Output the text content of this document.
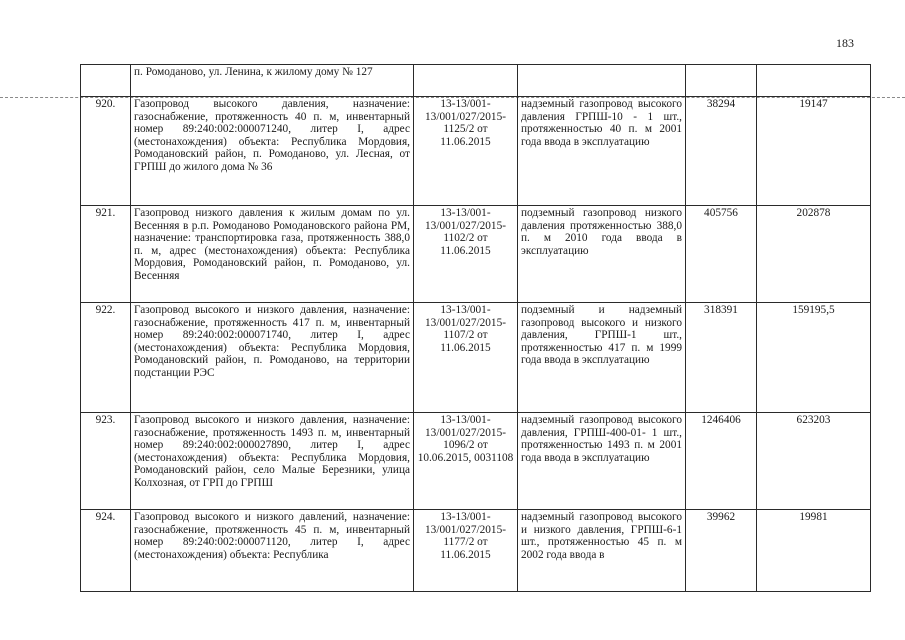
183
	п. Ромоданово, ул. Ленина, к жилому дому № 127				
920.	Газопровод высокого давления, назначение: газоснабжение, протяженность 40 п. м, инвентарный номер 89:240:002:000071240, литер I, адрес (местонахождения) объекта: Республика Мордовия, Ромодановский район, п. Ромоданово, ул. Лесная, от ГРПШ до жилого дома № 36	13-13/001-13/001/027/2015-1125/2 от 11.06.2015	надземный газопровод высокого давления ГРПШ-10 - 1 шт., протяженностью 40 п. м 2001 года ввода в эксплуатацию	38294	19147
921.	Газопровод низкого давления к жилым домам по ул. Весенняя в р.п. Ромоданово Ромодановского района РМ, назначение: транспортировка газа, протяженность 388,0 п. м, адрес (местонахождения) объекта: Республика Мордовия, Ромодановский район, п. Ромоданово, ул. Весенняя	13-13/001-13/001/027/2015-1102/2 от 11.06.2015	подземный газопровод низкого давления протяженностью 388,0 п. м 2010 года ввода в эксплуатацию	405756	202878
922.	Газопровод высокого и низкого давления, назначение: газоснабжение, протяженность 417 п. м, инвентарный номер 89:240:002:000071740, литер I, адрес (местонахождения) объекта: Республика Мордовия, Ромодановский район, п. Ромоданово, на территории подстанции РЭС	13-13/001-13/001/027/2015-1107/2 от 11.06.2015	подземный и надземный газопровод высокого и низкого давления, ГРПШ-1 шт., протяженностью 417 п. м 1999 года ввода в эксплуатацию	318391	159195,5
923.	Газопровод высокого и низкого давления, назначение: газоснабжение, протяженность 1493 п. м, инвентарный номер 89:240:002:000027890, литер I, адрес (местонахождения) объекта: Республика Мордовия, Ромодановский район, село Малые Березники, улица Колхозная, от ГРП до ГРПШ	13-13/001-13/001/027/2015-1096/2 от 10.06.2015, 0031108	надземный газопровод высокого давления, ГРПШ-400-01- 1 шт., протяженностью 1493 п. м 2001 года ввода в эксплуатацию	1246406	623203
924.	Газопровод высокого и низкого давлений, назначение: газоснабжение, протяженность 45 п. м, инвентарный номер 89:240:002:000071120, литер I, адрес (местонахождения) объекта: Республика	13-13/001-13/001/027/2015-1177/2 от 11.06.2015	надземный газопровод высокого и низкого давления, ГРПШ-6-1 шт., протяженностью 45 п. м 2002 года ввода в	39962	19981
